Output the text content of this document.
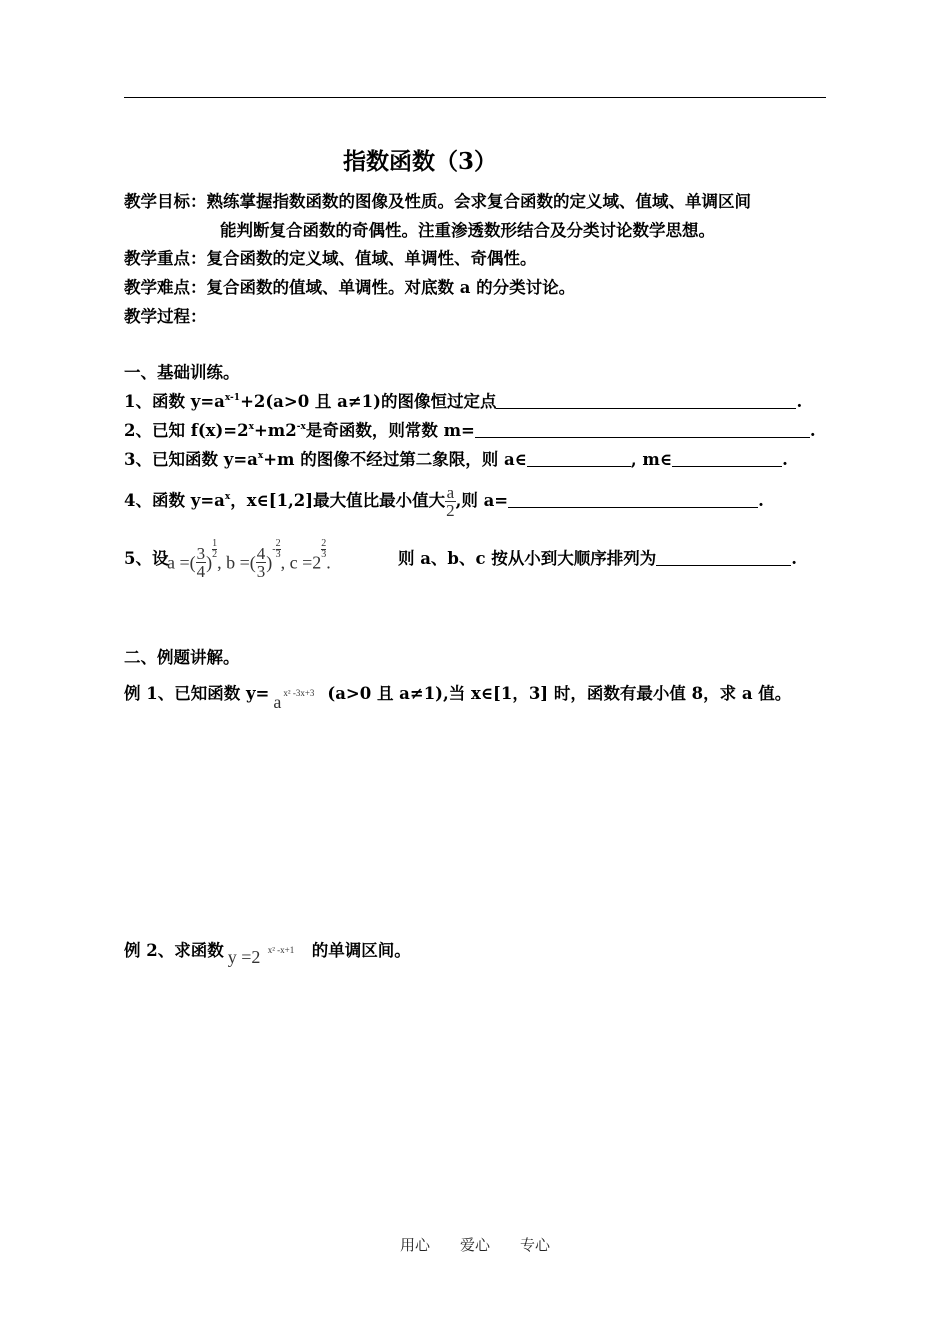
指数函数（3）
教学目标：熟练掌握指数函数的图像及性质。会求复合函数的定义域、值域、单调区间
能判断复合函数的奇偶性。注重渗透数形结合及分类讨论数学思想。
教学重点：复合函数的定义域、值域、单调性、奇偶性。
教学难点：复合函数的值域、单调性。对底数 a 的分类讨论。
教学过程：
一、基础训练。
1、函数 $y=a^{x-1}+2(a>0$ 且 a≠1)的图像恒过定点	.
2、已知 $f(x)=2^x+m2^{-x}$是奇函数，则常数 m=	.
3、已知函数 $y=a^x+m$ 的图像不经过第二象限，则 a∈	, m∈	.
4、函数 $y=a^x$，x∈[1,2]最大值比最小值大 $\frac{a}{2}$ ,则 a=	.
5、设
a =( $\frac{3}{4}$ )
$\frac{1}{2}$
, b =( $\frac{4}{3} )^- \frac{2}{3}$
, c =2
$\frac{2}{3}$
.	则 a、b、c 按从小到大顺序排列为	.
二、例题讲解。
例 1、已知函数 y= a x² -3x+3 (a>0 且 a≠1),当 x∈[1，3] 时，函数有最小值 8，求 a 值。
例 2、求函数 y =2 x² -x+1 的单调区间。
用心 爱心 专心
